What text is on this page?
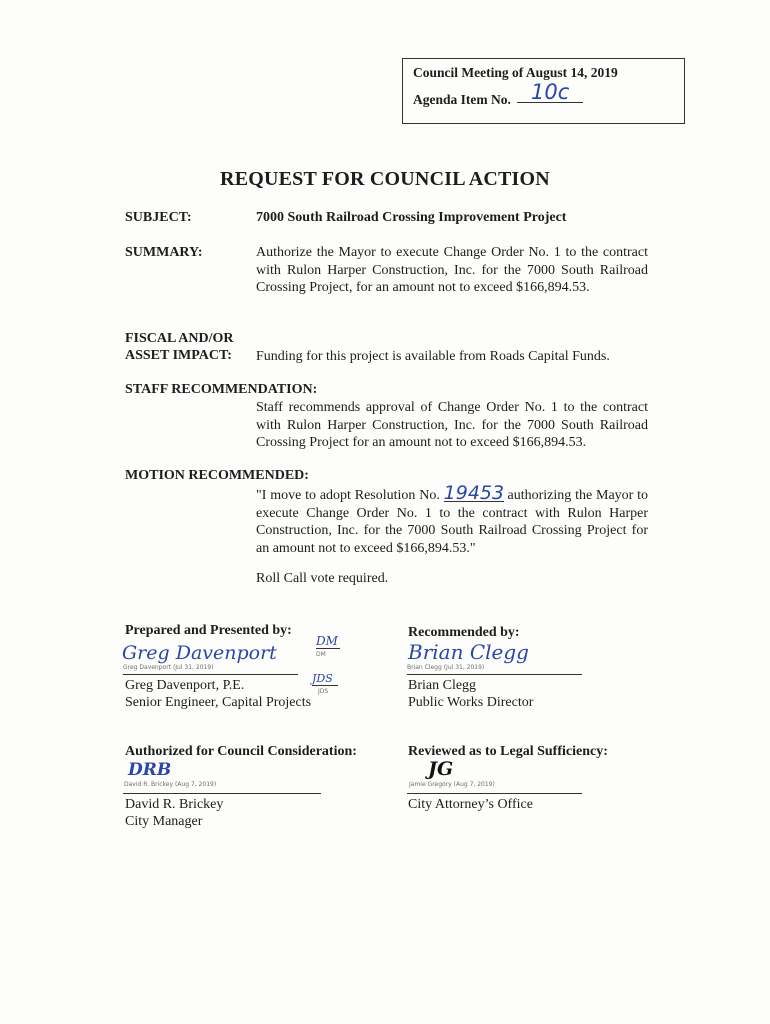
Council Meeting of August 14, 2019
Agenda Item No. 10c
REQUEST FOR COUNCIL ACTION
SUBJECT:	7000 South Railroad Crossing Improvement Project
SUMMARY:	Authorize the Mayor to execute Change Order No. 1 to the contract with Rulon Harper Construction, Inc. for the 7000 South Railroad Crossing Project, for an amount not to exceed $166,894.53.
FISCAL AND/OR
ASSET IMPACT: Funding for this project is available from Roads Capital Funds.
STAFF RECOMMENDATION:
Staff recommends approval of Change Order No. 1 to the contract with Rulon Harper Construction, Inc. for the 7000 South Railroad Crossing Project for an amount not to exceed $166,894.53.
MOTION RECOMMENDED:
"I move to adopt Resolution No. 19453 authorizing the Mayor to execute Change Order No. 1 to the contract with Rulon Harper Construction, Inc. for the 7000 South Railroad Crossing Project for an amount not to exceed $166,894.53."
Roll Call vote required.
Prepared and Presented by:
Greg Davenport
Greg Davenport (Jul 31, 2019)
DM
DM
JDS
JDS
Greg Davenport, P.E.
Senior Engineer, Capital Projects
Recommended by:
Brian Clegg
Brian Clegg (Jul 31, 2019)
Brian Clegg
Public Works Director
Authorized for Council Consideration:
DRB
David R. Brickey (Aug 7, 2019)
David R. Brickey
City Manager
Reviewed as to Legal Sufficiency:
JG
Jamie Gregory (Aug 7, 2019)
City Attorney’s Office
